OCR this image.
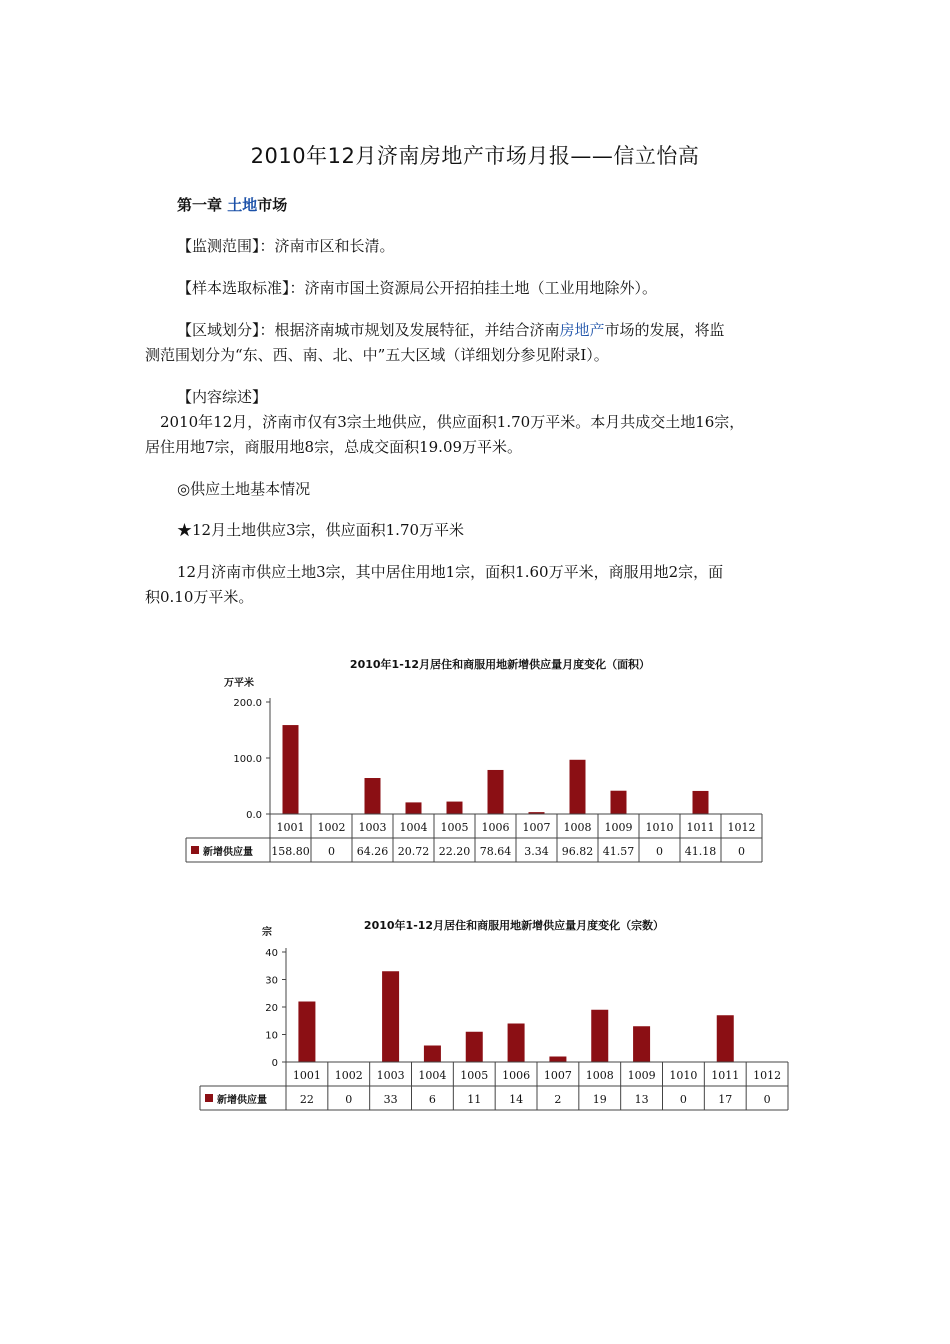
2010年12月济南房地产市场月报——信立怡高
第一章 土地市场

【监测范围】：济南市区和长清。

【样本选取标准】：济南市国土资源局公开招拍挂土地（工业用地除外）。

【区域划分】：根据济南城市规划及发展特征，并结合济南房地产市场的发展，将监

测范围划分为“东、西、南、北、中”五大区域（详细划分参见附录Ⅰ）。

【内容综述】

2010年12月，济南市仅有3宗土地供应，供应面积1.70万平米。本月共成交土地16宗，

居住用地7宗，商服用地8宗，总成交面积19.09万平米。

◎供应土地基本情况

★12月土地供应3宗，供应面积1.70万平米

12月济南市供应土地3宗，其中居住用地1宗，面积1.60万平米，商服用地2宗，面

积0.10万平米。

2010年1-12月居住和商服用地新增供应量月度变化（面积）
万平米
200.0
100.0
0.0
1001
158.80
1002
0
1003
64.26
1004
20.72
1005
22.20
1006
78.64
1007
3.34
1008
96.82
1009
41.57
1010
0
1011
41.18
1012
0
新增供应量
2010年1-12月居住和商服用地新增供应量月度变化（宗数）
宗
40
30
20
10
0
1001
22
1002
0
1003
33
1004
6
1005
11
1006
14
1007
2
1008
19
1009
13
1010
0
1011
17
1012
0
新增供应量
